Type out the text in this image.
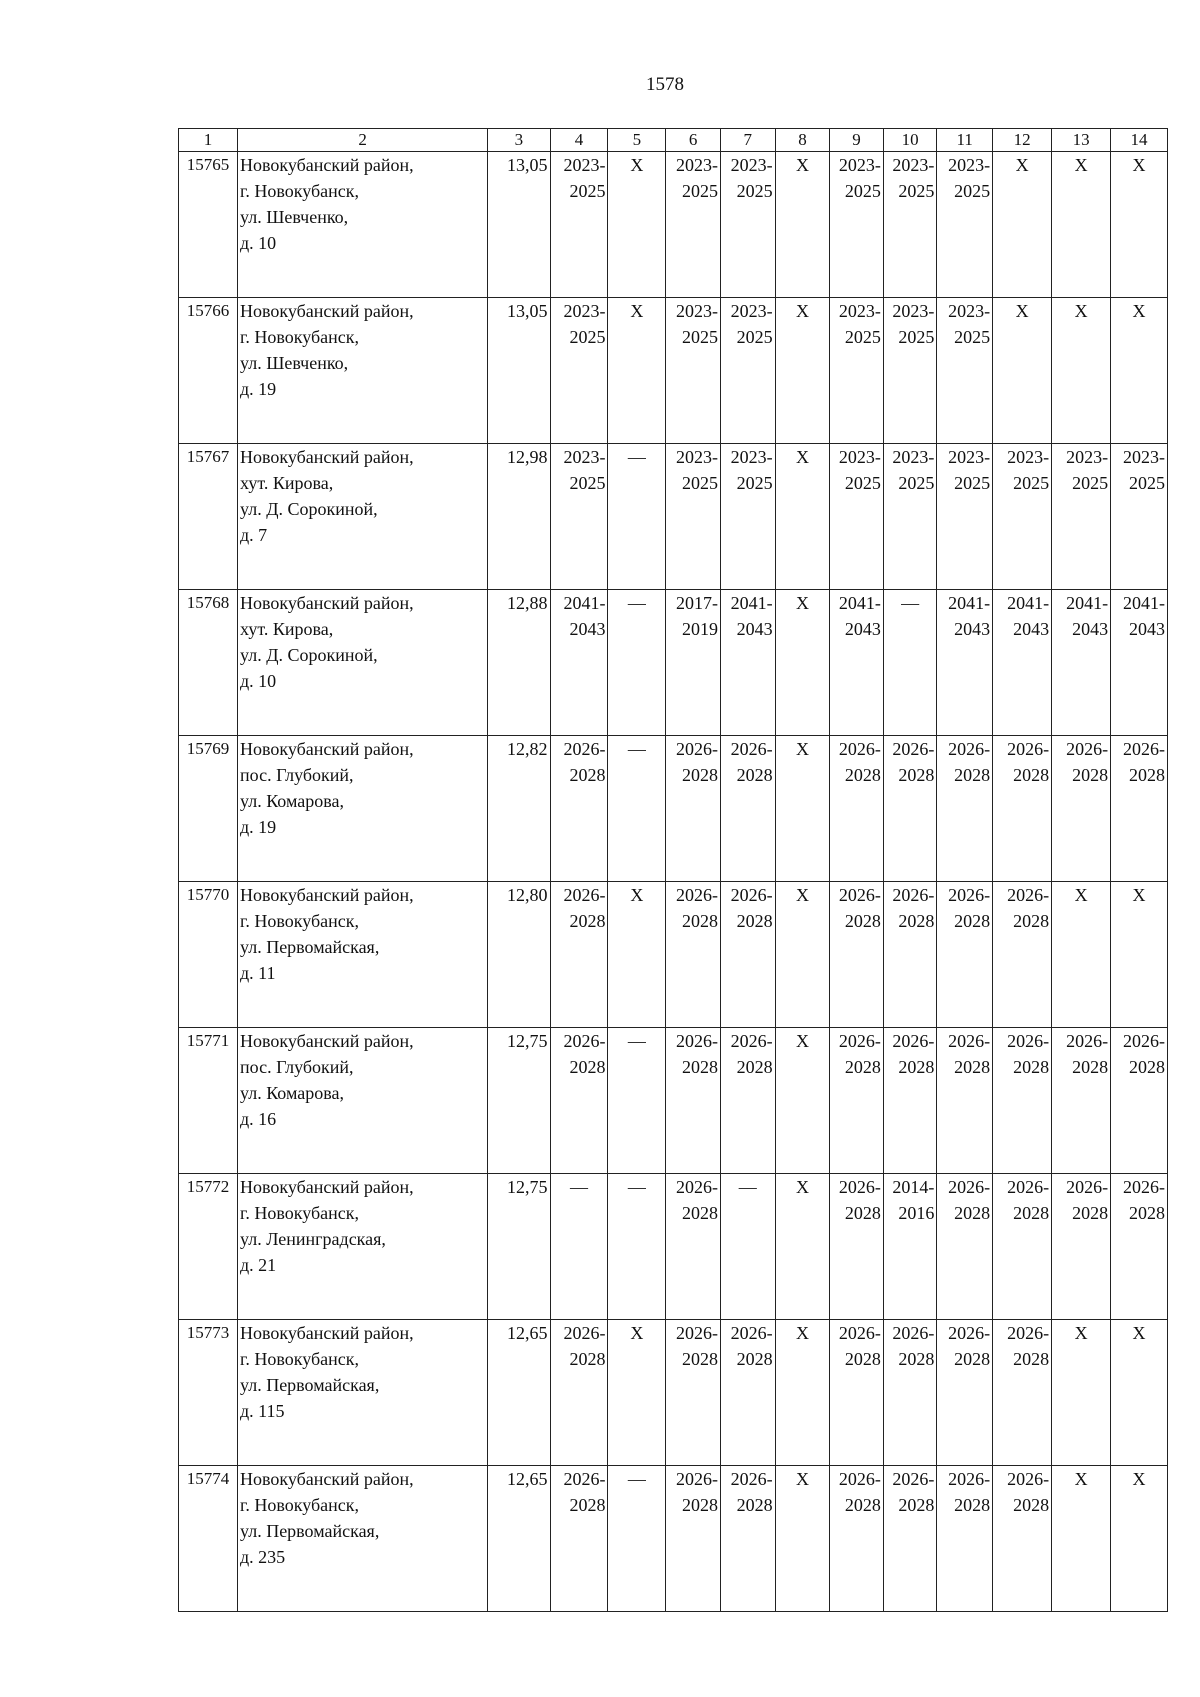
1578
1	2	3	4	5	6	7	8	9	10	11	12	13	14
15765	Новокубанский район,
г. Новокубанск,
ул. Шевченко,
д. 10	13,05	2023-
2025	X	2023-
2025	2023-
2025	X	2023-
2025	2023-
2025	2023-
2025	X	X	X

15766	Новокубанский район,
г. Новокубанск,
ул. Шевченко,
д. 19	13,05	2023-
2025	X	2023-
2025	2023-
2025	X	2023-
2025	2023-
2025	2023-
2025	X	X	X

15767	Новокубанский район,
хут. Кирова,
ул. Д. Сорокиной,
д. 7	12,98	2023-
2025	—	2023-
2025	2023-
2025	X	2023-
2025	2023-
2025	2023-
2025	2023-
2025	2023-
2025	2023-
2025

15768	Новокубанский район,
хут. Кирова,
ул. Д. Сорокиной,
д. 10	12,88	2041-
2043	—	2017-
2019	2041-
2043	X	2041-
2043	—	2041-
2043	2041-
2043	2041-
2043	2041-
2043

15769	Новокубанский район,
пос. Глубокий,
ул. Комарова,
д. 19	12,82	2026-
2028	—	2026-
2028	2026-
2028	X	2026-
2028	2026-
2028	2026-
2028	2026-
2028	2026-
2028	2026-
2028

15770	Новокубанский район,
г. Новокубанск,
ул. Первомайская,
д. 11	12,80	2026-
2028	X	2026-
2028	2026-
2028	X	2026-
2028	2026-
2028	2026-
2028	2026-
2028	X	X

15771	Новокубанский район,
пос. Глубокий,
ул. Комарова,
д. 16	12,75	2026-
2028	—	2026-
2028	2026-
2028	X	2026-
2028	2026-
2028	2026-
2028	2026-
2028	2026-
2028	2026-
2028

15772	Новокубанский район,
г. Новокубанск,
ул. Ленинградская,
д. 21	12,75	—	—	2026-
2028	—	X	2026-
2028	2014-
2016	2026-
2028	2026-
2028	2026-
2028	2026-
2028

15773	Новокубанский район,
г. Новокубанск,
ул. Первомайская,
д. 115	12,65	2026-
2028	X	2026-
2028	2026-
2028	X	2026-
2028	2026-
2028	2026-
2028	2026-
2028	X	X

15774	Новокубанский район,
г. Новокубанск,
ул. Первомайская,
д. 235	12,65	2026-
2028	—	2026-
2028	2026-
2028	X	2026-
2028	2026-
2028	2026-
2028	2026-
2028	X	X
